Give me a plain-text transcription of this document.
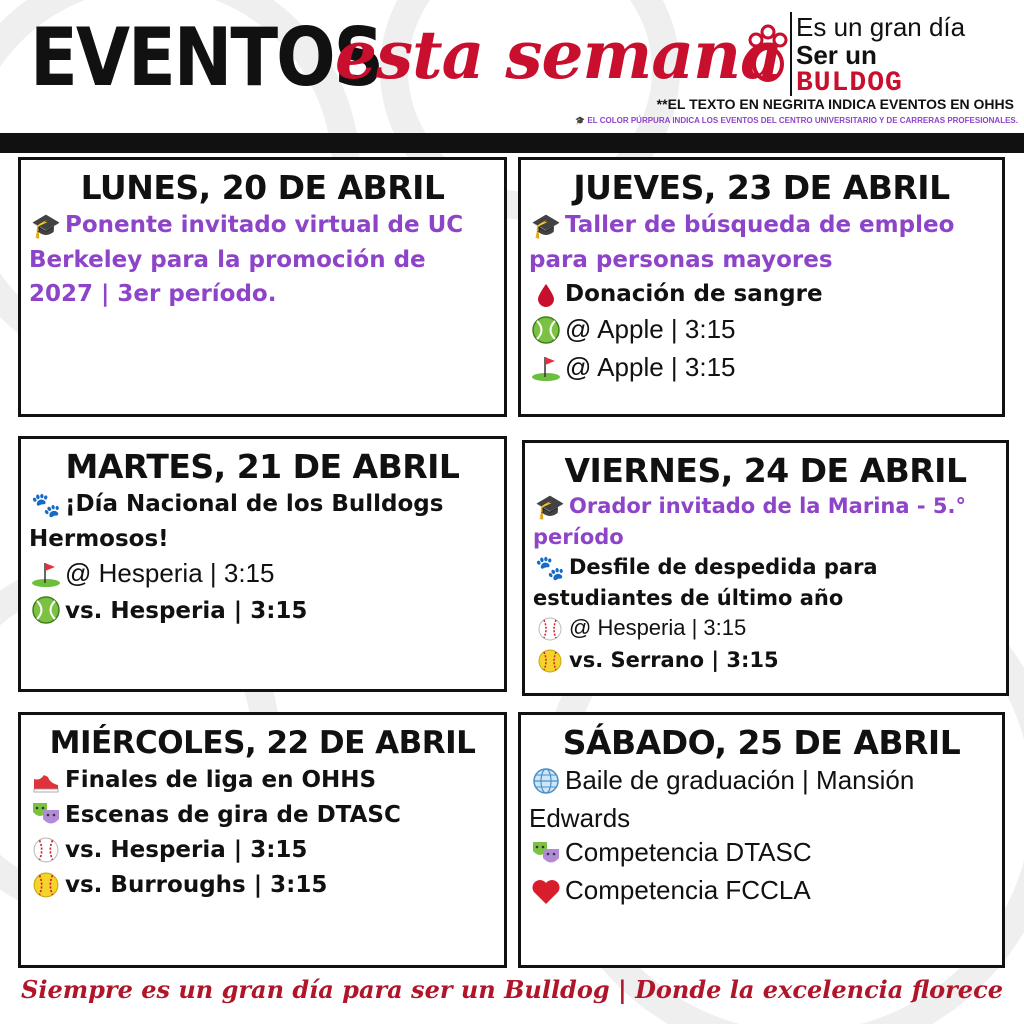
EVENTOS
esta semana Es un gran día
Ser un
BULDOG
**EL TEXTO EN NEGRITA INDICA EVENTOS EN OHHS
🎓 EL COLOR PÚRPURA INDICA LOS EVENTOS DEL CENTRO UNIVERSITARIO Y DE CARRERAS PROFESIONALES.
LUNES, 20 DE ABRIL
🎓 Ponente invitado virtual de UC Berkeley para la promoción de 2027 | 3er período.
JUEVES, 23 DE ABRIL
🎓 Taller de búsqueda de empleo para personas mayores
Donación de sangre
@ Apple | 3:15
@ Apple | 3:15
MARTES, 21 DE ABRIL
🐾 ¡Día Nacional de los Bulldogs Hermosos!
@ Hesperia | 3:15
vs. Hesperia | 3:15
VIERNES, 24 DE ABRIL
🎓 Orador invitado de la Marina - 5.° período
🐾 Desfile de despedida para estudiantes de último año
@ Hesperia | 3:15
vs. Serrano | 3:15
MIÉRCOLES, 22 DE ABRIL
Finales de liga en OHHS
Escenas de gira de DTASC
vs. Hesperia | 3:15
vs. Burroughs | 3:15
SÁBADO, 25 DE ABRIL
Baile de graduación | Mansión Edwards
Competencia DTASC
Competencia FCCLA
Siempre es un gran día para ser un Bulldog | Donde la excelencia florece
